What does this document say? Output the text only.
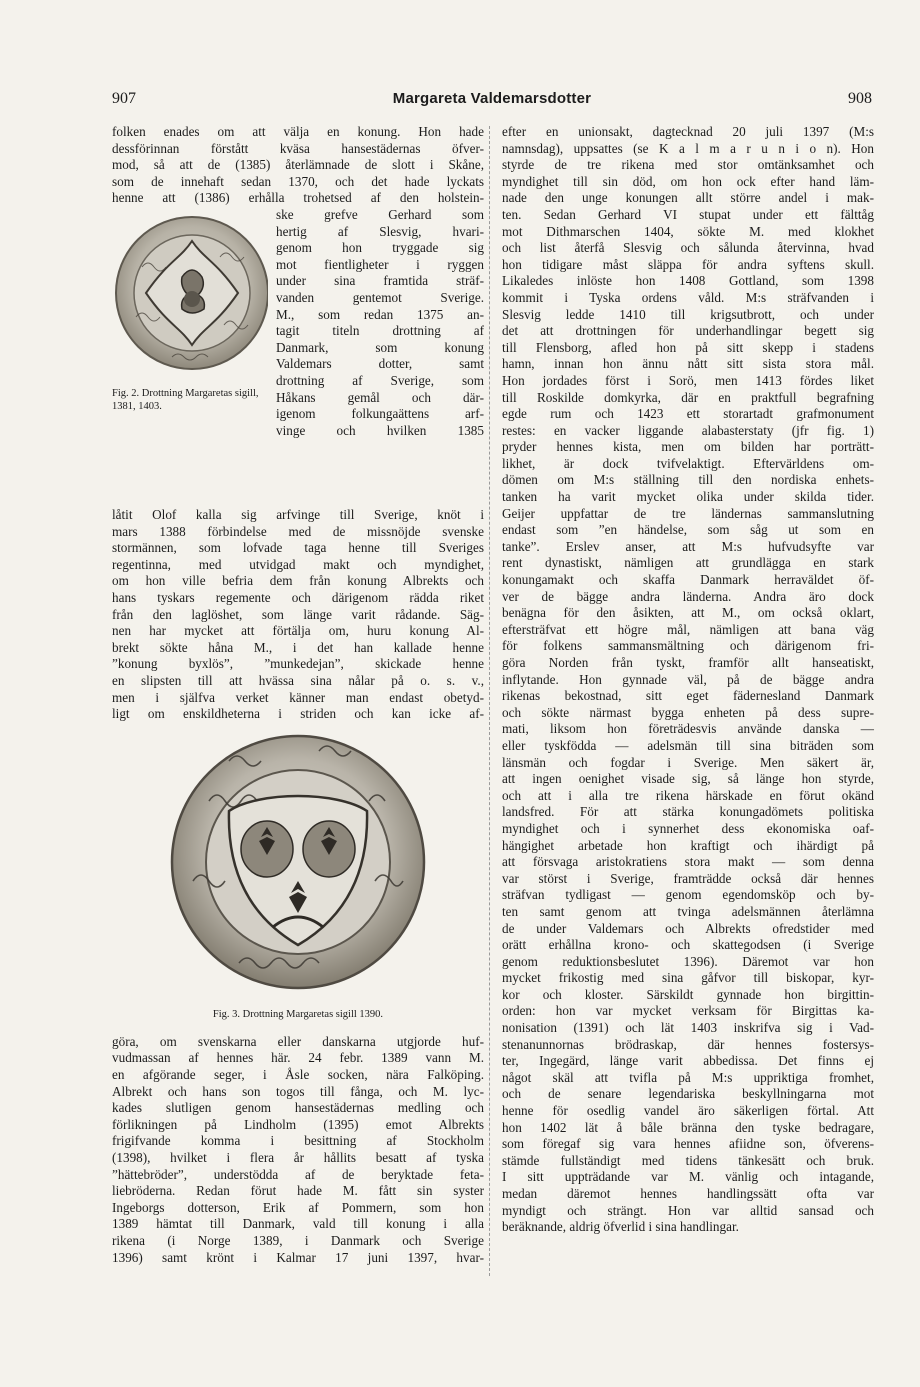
907	Margareta Valdemarsdotter	908
folken enades om att välja en konung. Hon hade
dessförinnan förstått kväsa hansestädernas öfver-
mod, så att de (1385) återlämnade de slott i Skåne,
som de innehaft sedan 1370, och det hade lyckats
henne att (1386) erhålla trohetsed af den holstein-
Fig. 2. Drottning Margaretas sigill, 1381, 1403.
ske grefve Gerhard som
hertig af Slesvig, hvari-
genom hon tryggade sig
mot fientligheter i ryggen
under sina framtida sträf-
vanden gentemot Sverige.
M., som redan 1375 an-
tagit titeln drottning af
Danmark, som konung
Valdemars dotter, samt
drottning af Sverige, som
Håkans gemål och där-
igenom folkungaättens arf-
vinge och hvilken 1385
låtit Olof kalla sig arfvinge till Sverige, knöt i
mars 1388 förbindelse med de missnöjde svenske
stormännen, som lofvade taga henne till Sveriges
regentinna, med utvidgad makt och myndighet,
om hon ville befria dem från konung Albrekts och
hans tyskars regemente och därigenom rädda riket
från den laglöshet, som länge varit rådande. Säg-
nen har mycket att förtälja om, huru konung Al-
brekt sökte håna M., i det han kallade henne
”konung byxlös”, ”munkedejan”, skickade henne
en slipsten till att hvässa sina nålar på o. s. v.,
men i själfva verket känner man endast obetyd-
ligt om enskildheterna i striden och kan icke af-
Fig. 3. Drottning Margaretas sigill 1390.
göra, om svenskarna eller danskarna utgjorde huf-
vudmassan af hennes här. 24 febr. 1389 vann M.
en afgörande seger, i Åsle socken, nära Falköping.
Albrekt och hans son togos till fånga, och M. lyc-
kades slutligen genom hansestädernas medling och
förlikningen på Lindholm (1395) emot Albrekts
frigifvande komma i besittning af Stockholm
(1398), hvilket i flera år hållits besatt af tyska
”hättebröder”, understödda af de beryktade feta-
liebröderna. Redan förut hade M. fått sin syster
Ingeborgs dotterson, Erik af Pommern, som hon
1389 hämtat till Danmark, vald till konung i alla
rikena (i Norge 1389, i Danmark och Sverige
1396) samt krönt i Kalmar 17 juni 1397, hvar-
efter en unionsakt, dagtecknad 20 juli 1397 (M:s
namnsdag), uppsattes (se K a l m a r u n i o n). Hon
styrde de tre rikena med stor omtänksamhet och
myndighet till sin död, om hon ock efter hand läm-
nade den unge konungen allt större andel i mak-
ten. Sedan Gerhard VI stupat under ett fälttåg
mot Dithmarschen 1404, sökte M. med klokhet
och list återfå Slesvig och sålunda återvinna, hvad
hon tidigare måst släppa för andra syftens skull.
Likaledes inlöste hon 1408 Gottland, som 1398
kommit i Tyska ordens våld. M:s sträfvanden i
Slesvig ledde 1410 till krigsutbrott, och under
det att drottningen för underhandlingar begett sig
till Flensborg, afled hon på sitt skepp i stadens
hamn, innan hon ännu nått sitt sista stora mål.
Hon jordades först i Sorö, men 1413 fördes liket
till Roskilde domkyrka, där en praktfull begrafning
egde rum och 1423 ett storartadt grafmonument
restes: en vacker liggande alabasterstaty (jfr fig. 1)
pryder hennes kista, men om bilden har porträtt-
likhet, är dock tvifvelaktigt. Eftervärldens om-
dömen om M:s ställning till den nordiska enhets-
tanken ha varit mycket olika under skilda tider.
Geijer uppfattar de tre ländernas sammanslutning
endast som ”en händelse, som såg ut som en
tanke”. Erslev anser, att M:s hufvudsyfte var
rent dynastiskt, nämligen att grundlägga en stark
konungamakt och skaffa Danmark herraväldet öf-
ver de bägge andra länderna. Andra äro dock
benägna för den åsikten, att M., om också oklart,
eftersträfvat ett högre mål, nämligen att bana väg
för folkens sammansmältning och därigenom fri-
göra Norden från tyskt, framför allt hanseatiskt,
inflytande. Hon gynnade väl, på de bägge andra
rikenas bekostnad, sitt eget fädernesland Danmark
och sökte närmast bygga enheten på dess supre-
mati, liksom hon företrädesvis använde danska —
eller tyskfödda — adelsmän till sina biträden som
länsmän och fogdar i Sverige. Men säkert är,
att ingen oenighet visade sig, så länge hon styrde,
och att i alla tre rikena härskade en förut okänd
landsfred. För att stärka konungadömets politiska
myndighet och i synnerhet dess ekonomiska oaf-
hängighet arbetade hon kraftigt och ihärdigt på
att försvaga aristokratiens stora makt — som denna
var störst i Sverige, framträdde också där hennes
sträfvan tydligast — genom egendomsköp och by-
ten samt genom att tvinga adelsmännen återlämna
de under Valdemars och Albrekts ofredstider med
orätt erhållna krono- och skattegodsen (i Sverige
genom reduktionsbeslutet 1396). Däremot var hon
mycket frikostig med sina gåfvor till biskopar, kyr-
kor och kloster. Särskildt gynnade hon birgittin-
orden: hon var mycket verksam för Birgittas ka-
nonisation (1391) och lät 1403 inskrifva sig i Vad-
stenanunnornas brödraskap, där hennes fostersys-
ter, Ingegärd, länge varit abbedissa. Det finns ej
något skäl att tvifla på M:s uppriktiga fromhet,
och de senare legendariska beskyllningarna mot
henne för osedlig vandel äro säkerligen förtal. Att
hon 1402 lät å båle bränna den tyske bedragare,
som föregaf sig vara hennes afiidne son, öfverens-
stämde fullständigt med tidens tänkesätt och bruk.
I sitt uppträdande var M. vänlig och intagande,
medan däremot hennes handlingssätt ofta var
myndigt och strängt. Hon var alltid sansad och
beräknande, aldrig öfverlid i sina handlingar.
